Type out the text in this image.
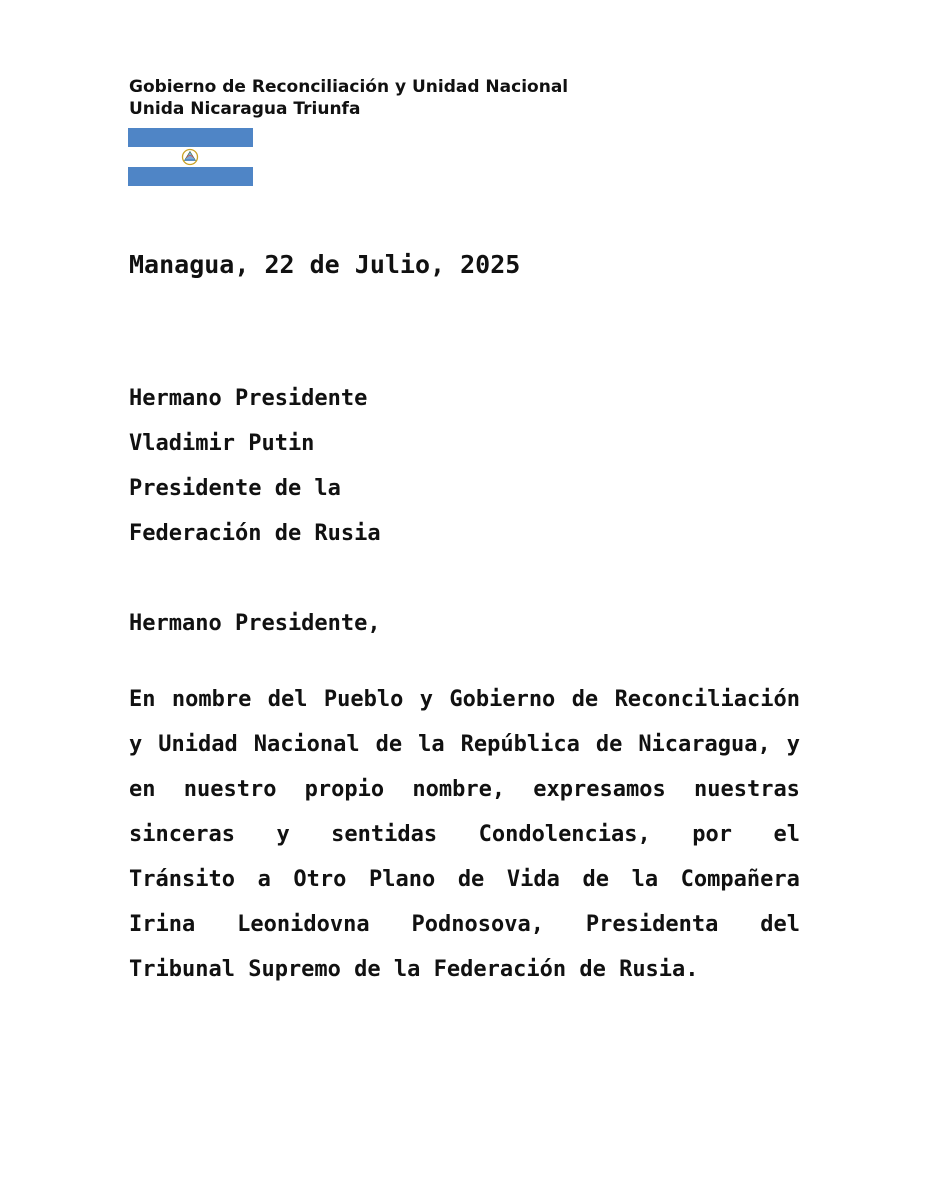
Gobierno de Reconciliación y Unidad Nacional
Unida Nicaragua Triunfa
Managua, 22 de Julio, 2025
Hermano Presidente
Vladimir Putin
Presidente de la
Federación de Rusia
Hermano Presidente,
En nombre del Pueblo y Gobierno de Reconciliación
y Unidad Nacional de la República de Nicaragua, y
en nuestro propio nombre, expresamos nuestras
sinceras y sentidas Condolencias, por el
Tránsito a Otro Plano de Vida de la Compañera
Irina Leonidovna Podnosova, Presidenta del
Tribunal Supremo de la Federación de Rusia.
